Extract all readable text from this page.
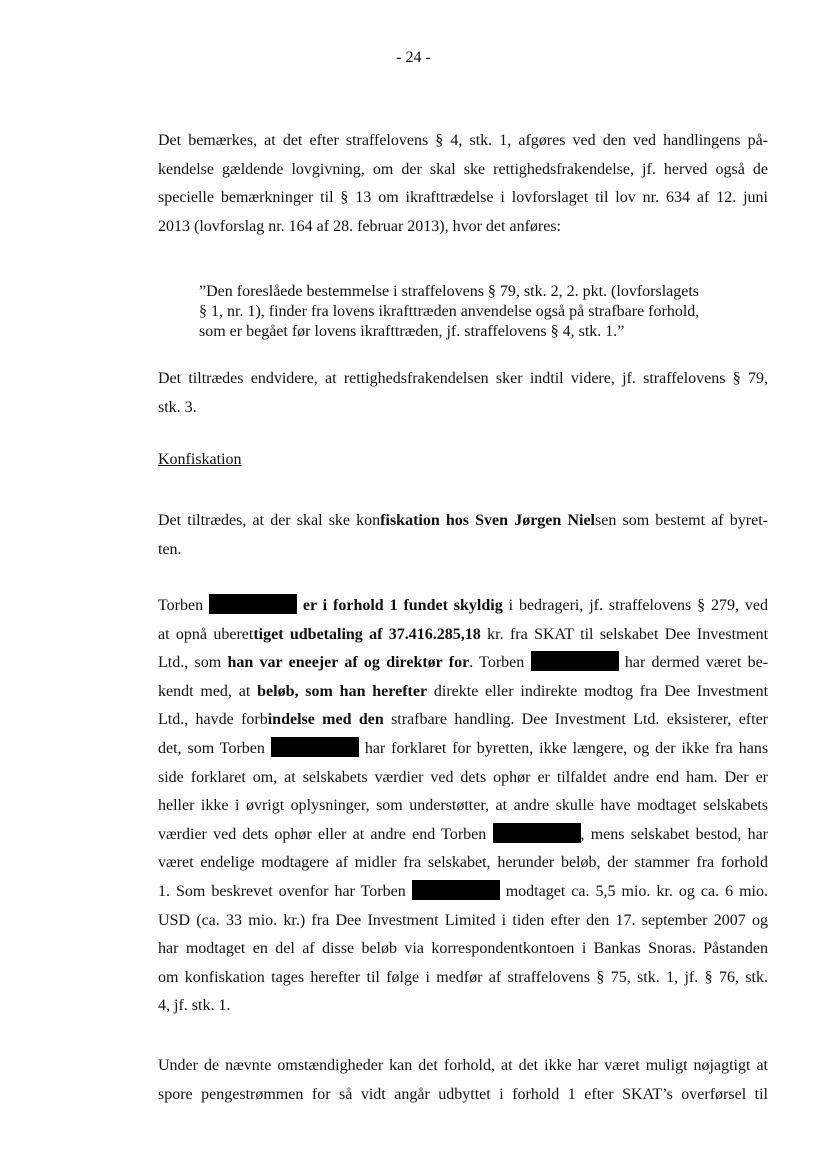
- 24 -
Det bemærkes, at det efter straffelovens § 4, stk. 1, afgøres ved den ved handlingens på-
kendelse gældende lovgivning, om der skal ske rettighedsfrakendelse, jf. herved også de
specielle bemærkninger til § 13 om ikrafttrædelse i lovforslaget til lov nr. 634 af 12. juni
2013 (lovforslag nr. 164 af 28. februar 2013), hvor det anføres:
”Den foreslåede bestemmelse i straffelovens § 79, stk. 2, 2. pkt. (lovforslagets
§ 1, nr. 1), finder fra lovens ikrafttræden anvendelse også på strafbare forhold,
som er begået før lovens ikrafttræden, jf. straffelovens § 4, stk. 1.”
Det tiltrædes endvidere, at rettighedsfrakendelsen sker indtil videre, jf. straffelovens § 79,
stk. 3.
Konfiskation
Det tiltrædes, at der skal ske konfiskation hos Sven Jørgen Nielsen som bestemt af byret-
ten.
Torben	er i forhold 1 fundet skyldig i bedrageri, jf. straffelovens § 279, ved
at opnå uberettiget udbetaling af 37.416.285,18 kr. fra SKAT til selskabet Dee Investment
Ltd., som han var eneejer af og direktør for. Torben	har dermed været be-
kendt med, at beløb, som han herefter direkte eller indirekte modtog fra Dee Investment
Ltd., havde forbindelse med den strafbare handling. Dee Investment Ltd. eksisterer, efter
det, som Torben	har forklaret for byretten, ikke længere, og der ikke fra hans
side forklaret om, at selskabets værdier ved dets ophør er tilfaldet andre end ham. Der er
heller ikke i øvrigt oplysninger, som understøtter, at andre skulle have modtaget selskabets
værdier ved dets ophør eller at andre end Torben	, mens selskabet bestod, har
været endelige modtagere af midler fra selskabet, herunder beløb, der stammer fra forhold
1. Som beskrevet ovenfor har Torben	modtaget ca. 5,5 mio. kr. og ca. 6 mio.
USD (ca. 33 mio. kr.) fra Dee Investment Limited i tiden efter den 17. september 2007 og
har modtaget en del af disse beløb via korrespondentkontoen i Bankas Snoras. Påstanden
om konfiskation tages herefter til følge i medfør af straffelovens § 75, stk. 1, jf. § 76, stk.
4, jf. stk. 1.
Under de nævnte omstændigheder kan det forhold, at det ikke har været muligt nøjagtigt at
spore pengestrømmen for så vidt angår udbyttet i forhold 1 efter SKAT’s overførsel til
